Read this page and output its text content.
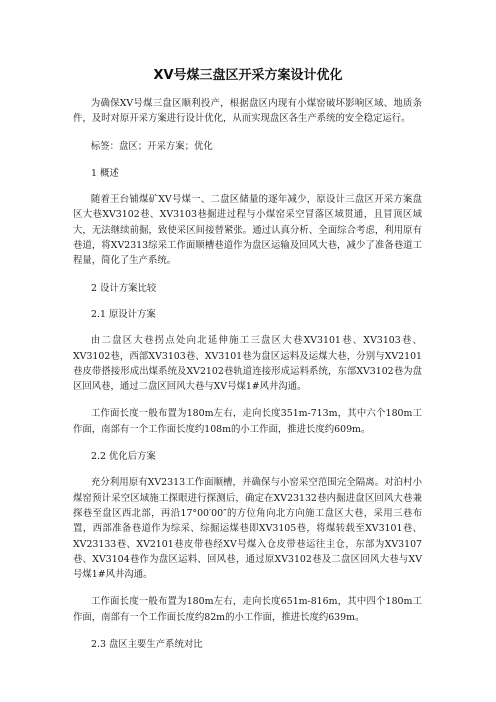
XV号煤三盘区开采方案设计优化

为确保XV号煤三盘区顺利投产，根据盘区内现有小煤窑破坏影响区域、地质条件，及时对原开采方案进行设计优化，从而实现盘区各生产系统的安全稳定运行。

标签：盘区；开采方案；优化

1 概述

随着王台铺煤矿XV号煤一、二盘区储量的逐年减少，原设计三盘区开采方案盘区大巷XV3102巷、XV3103巷掘进过程与小煤窑采空冒落区域贯通，且冒顶区域大，无法继续前掘，致使采区间接替紧张。通过认真分析、全面综合考虑，利用原有巷道，将XV2313综采工作面顺槽巷道作为盘区运输及回风大巷，减少了准备巷道工程量，简化了生产系统。

2 设计方案比较

2.1 原设计方案

由二盘区大巷拐点处向北延伸施工三盘区大巷XV3101巷、XV3103巷、XV3102巷，西部XV3103巷、XV3101巷为盘区运料及运煤大巷，分别与XV2101巷皮带搭接形成出煤系统及XV2102巷轨道连接形成运料系统，东部XV3102巷为盘区回风巷，通过二盘区回风大巷与XV号煤1#风井沟通。

工作面长度一般布置为180m左右，走向长度351m-713m，其中六个180m工作面，南部有一个工作面长度约108m的小工作面，推进长度约609m。

2.2 优化后方案

充分利用原有XV2313工作面顺槽，并确保与小窑采空范围完全隔离。对泊村小煤窑预计采空区域施工探眼进行探测后，确定在XV23132巷内掘进盘区回风大巷兼探巷至盘区西北部，再沿17°00′00″的方位角向北方向施工盘区大巷，采用三巷布置，西部准备巷道作为综采、综掘运煤巷即XV3105巷，将煤转载至XV3101巷、XV23133巷、XV2101巷皮带巷经XV号煤入仓皮带巷运往主仓，东部为XV3107巷、XV3104巷作为盘区运料、回风巷，通过原XV3102巷及二盘区回风大巷与XV号煤1#风井沟通。

工作面长度一般布置为180m左右，走向长度651m-816m，其中四个180m工作面，南部有一个工作面长度约82m的小工作面，推进长度约639m。

2.3 盘区主要生产系统对比
